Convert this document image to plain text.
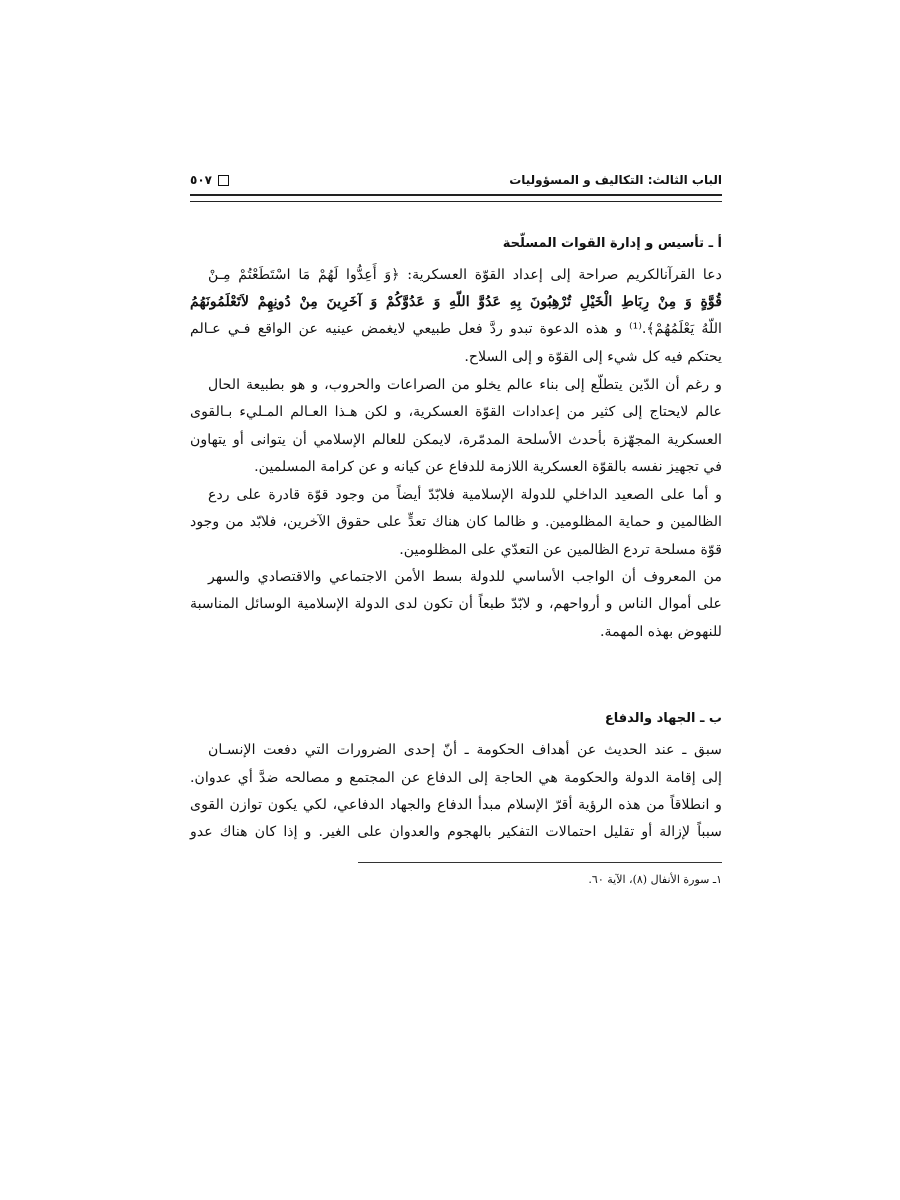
الباب الثالث: التكاليف و المسؤوليات
٥٠٧
أ ـ تأسيس و إدارة القوات المسلّحة
دعا القرآنالكريم صراحة إلى إعداد القوّة العسكرية: ﴿وَ أَعِدُّوا لَهُمْ مَا اسْتَطَعْتُمْ مِـنْ
قُوَّةٍ وَ مِنْ رِبَاطِ الْخَيْلِ تُرْهِبُونَ بِهِ عَدُوَّ اللّهِ وَ عَدُوَّكُمْ وَ آخَرِينَ مِنْ دُونِهِمْ لاَتَعْلَمُونَهُمُ
اللّهُ يَعْلَمُهُمْ﴾.⁽¹⁾ و هذه الدعوة تبدو ردَّ فعل طبيعي لايغمض عينيه عن الواقع فـي عـالم
يحتكم فيه كل شيء إلى القوّة و إلى السلاح.
و رغم أن الدّين يتطلّع إلى بناء عالم يخلو من الصراعات والحروب، و هو بطبيعة الحال
عالم لايحتاج إلى كثير من إعدادات القوّة العسكرية، و لكن هـذا العـالم المـليء بـالقوى
العسكرية المجهّزة بأحدث الأسلحة المدمّرة، لايمكن للعالم الإسلامي أن يتوانى أو يتهاون
في تجهيز نفسه بالقوّة العسكرية اللازمة للدفاع عن كيانه و عن كرامة المسلمين.
و أما على الصعيد الداخلي للدولة الإسلامية فلابّدّ أيضاً من وجود قوّة قادرة على ردع
الظالمين و حماية المظلومين. و ظالما كان هناك تعدٍّ على حقوق الآخرين، فلابّد من وجود
قوّة مسلحة تردع الظالمين عن التعدّي على المظلومين.
من المعروف أن الواجب الأساسي للدولة بسط الأمن الاجتماعي والاقتصادي والسهر
على أموال الناس و أرواحهم، و لابّدّ طبعاً أن تكون لدى الدولة الإسلامية الوسائل المناسبة
للنهوض بهذه المهمة.
ب ـ الجهاد والدفاع
سبق ـ عند الحديث عن أهداف الحكومة ـ أنّ إحدى الضرورات التي دفعت الإنسـان
إلى إقامة الدولة والحكومة هي الحاجة إلى الدفاع عن المجتمع و مصالحه ضدَّ أي عدوان.
و انطلاقاً من هذه الرؤية أقرّ الإسلام مبدأ الدفاع والجهاد الدفاعي، لكي يكون توازن القوى
سبباً لإزالة أو تقليل احتمالات التفكير بالهجوم والعدوان على الغير. و إذا كان هناك عدو
١ـ سورة الأنفال (٨)، الآية ٦٠.
